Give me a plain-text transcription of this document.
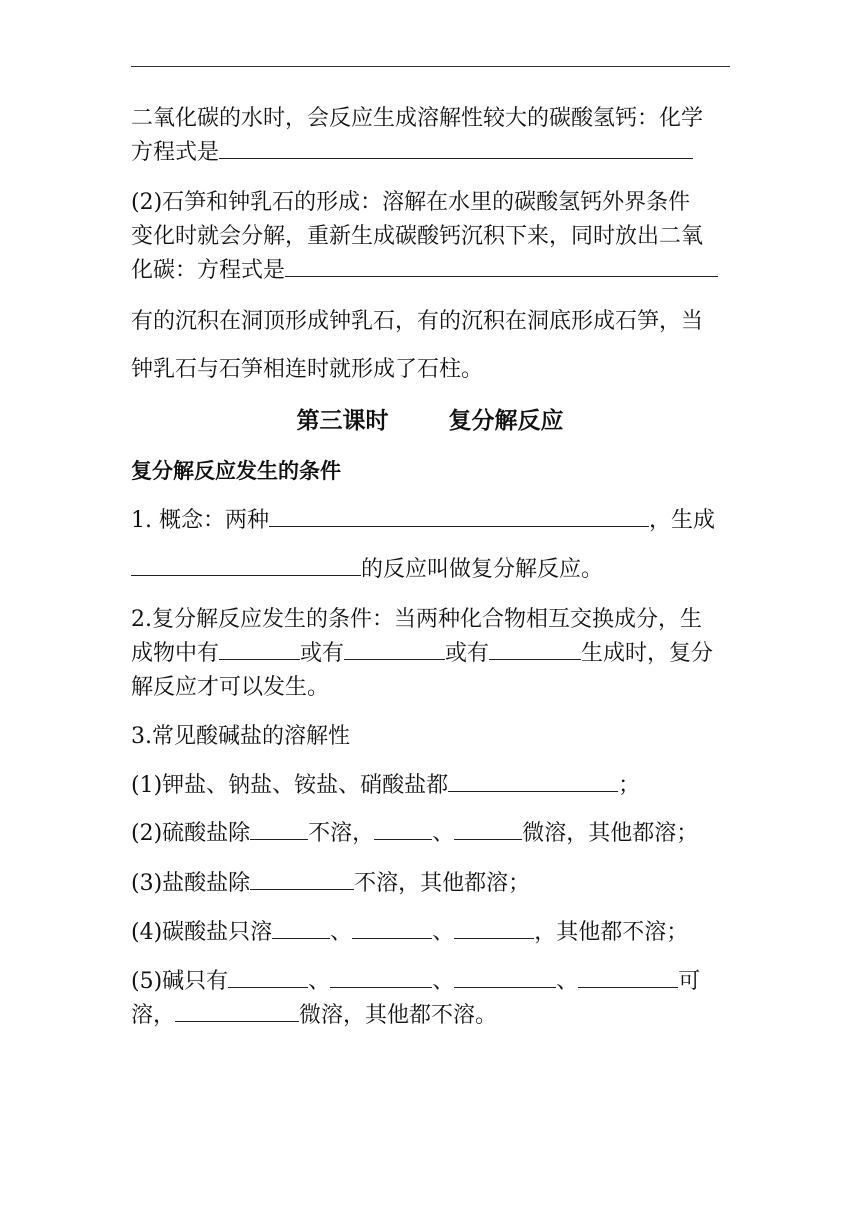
二氧化碳的水时，会反应生成溶解性较大的碳酸氢钙：化学
方程式是
(2)石笋和钟乳石的形成：溶解在水里的碳酸氢钙外界条件
变化时就会分解，重新生成碳酸钙沉积下来，同时放出二氧
化碳：方程式是
有的沉积在洞顶形成钟乳石，有的沉积在洞底形成石笋，当
钟乳石与石笋相连时就形成了石柱。
第三课时	复分解反应
复分解反应发生的条件
1. 概念：两种	，生成
的反应叫做复分解反应。
2.复分解反应发生的条件：当两种化合物相互交换成分，生
成物中有	或有	或有	生成时，复分
解反应才可以发生。
3.常见酸碱盐的溶解性
(1)钾盐、钠盐、铵盐、硝酸盐都	；
(2)硫酸盐除	不溶，	、	微溶，其他都溶；
(3)盐酸盐除	不溶，其他都溶；
(4)碳酸盐只溶	、	、	，其他都不溶；
(5)碱只有	、	、	、	可
溶，	微溶，其他都不溶。
